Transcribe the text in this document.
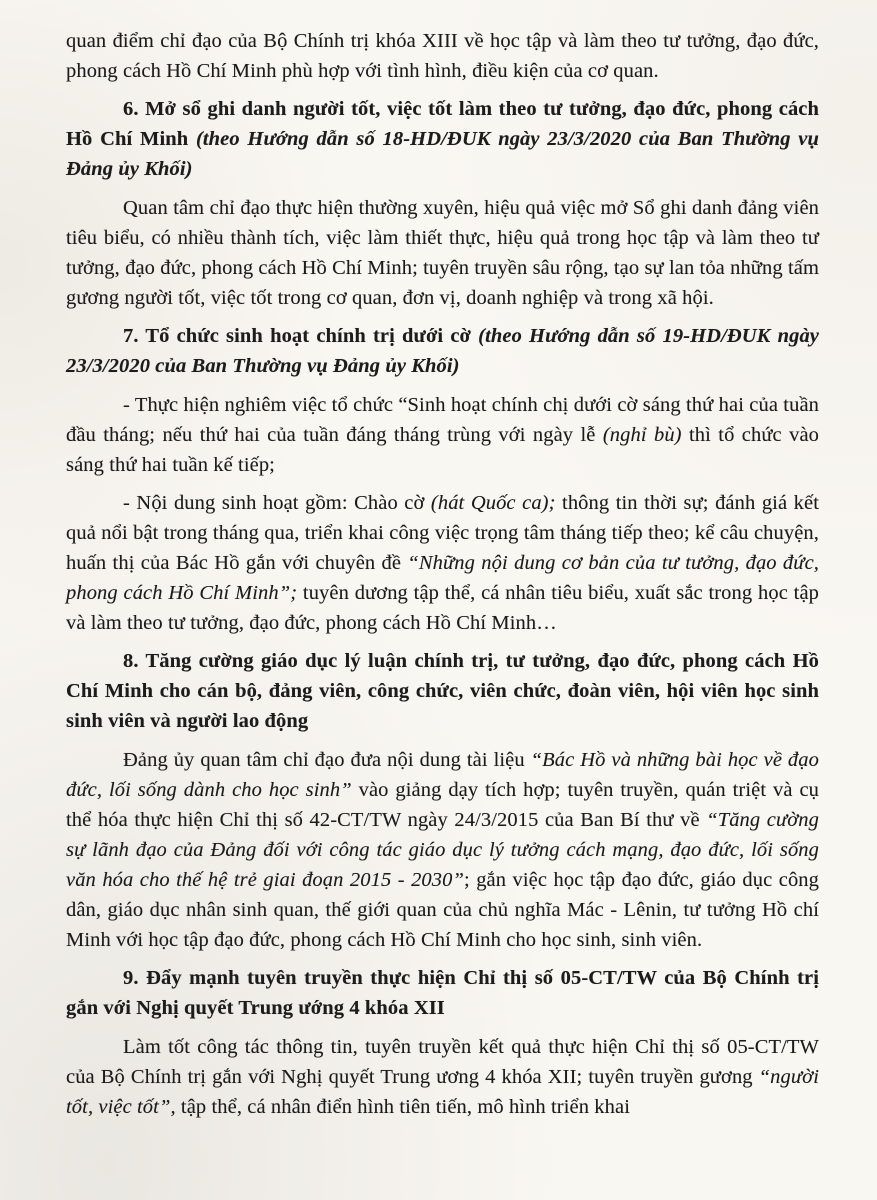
quan điểm chỉ đạo của Bộ Chính trị khóa XIII về học tập và làm theo tư tưởng, đạo đức, phong cách Hồ Chí Minh phù hợp với tình hình, điều kiện của cơ quan.

6. Mở sổ ghi danh người tốt, việc tốt làm theo tư tưởng, đạo đức, phong cách Hồ Chí Minh (theo Hướng dẫn số 18-HD/ĐUK ngày 23/3/2020 của Ban Thường vụ Đảng ủy Khối)

Quan tâm chỉ đạo thực hiện thường xuyên, hiệu quả việc mở Sổ ghi danh đảng viên tiêu biểu, có nhiều thành tích, việc làm thiết thực, hiệu quả trong học tập và làm theo tư tưởng, đạo đức, phong cách Hồ Chí Minh; tuyên truyền sâu rộng, tạo sự lan tỏa những tấm gương người tốt, việc tốt trong cơ quan, đơn vị, doanh nghiệp và trong xã hội.

7. Tổ chức sinh hoạt chính trị dưới cờ (theo Hướng dẫn số 19-HD/ĐUK ngày 23/3/2020 của Ban Thường vụ Đảng ủy Khối)

- Thực hiện nghiêm việc tổ chức “Sinh hoạt chính chị dưới cờ sáng thứ hai của tuần đầu tháng; nếu thứ hai của tuần đáng tháng trùng với ngày lễ (nghỉ bù) thì tổ chức vào sáng thứ hai tuần kế tiếp;

- Nội dung sinh hoạt gồm: Chào cờ (hát Quốc ca); thông tin thời sự; đánh giá kết quả nổi bật trong tháng qua, triển khai công việc trọng tâm tháng tiếp theo; kể câu chuyện, huấn thị của Bác Hồ gắn với chuyên đề “Những nội dung cơ bản của tư tưởng, đạo đức, phong cách Hồ Chí Minh”; tuyên dương tập thể, cá nhân tiêu biểu, xuất sắc trong học tập và làm theo tư tưởng, đạo đức, phong cách Hồ Chí Minh…

8. Tăng cường giáo dục lý luận chính trị, tư tưởng, đạo đức, phong cách Hồ Chí Minh cho cán bộ, đảng viên, công chức, viên chức, đoàn viên, hội viên học sinh sinh viên và người lao động

Đảng ủy quan tâm chỉ đạo đưa nội dung tài liệu “Bác Hồ và những bài học về đạo đức, lối sống dành cho học sinh” vào giảng dạy tích hợp; tuyên truyền, quán triệt và cụ thể hóa thực hiện Chỉ thị số 42-CT/TW ngày 24/3/2015 của Ban Bí thư về “Tăng cường sự lãnh đạo của Đảng đối với công tác giáo dục lý tưởng cách mạng, đạo đức, lối sống văn hóa cho thế hệ trẻ giai đoạn 2015 - 2030”; gắn việc học tập đạo đức, giáo dục công dân, giáo dục nhân sinh quan, thế giới quan của chủ nghĩa Mác - Lênin, tư tưởng Hồ chí Minh với học tập đạo đức, phong cách Hồ Chí Minh cho học sinh, sinh viên.

9. Đẩy mạnh tuyên truyền thực hiện Chỉ thị số 05-CT/TW của Bộ Chính trị gắn với Nghị quyết Trung ướng 4 khóa XII

Làm tốt công tác thông tin, tuyên truyền kết quả thực hiện Chỉ thị số 05-CT/TW của Bộ Chính trị gắn với Nghị quyết Trung ương 4 khóa XII; tuyên truyền gương “người tốt, việc tốt”, tập thể, cá nhân điển hình tiên tiến, mô hình triển khai
